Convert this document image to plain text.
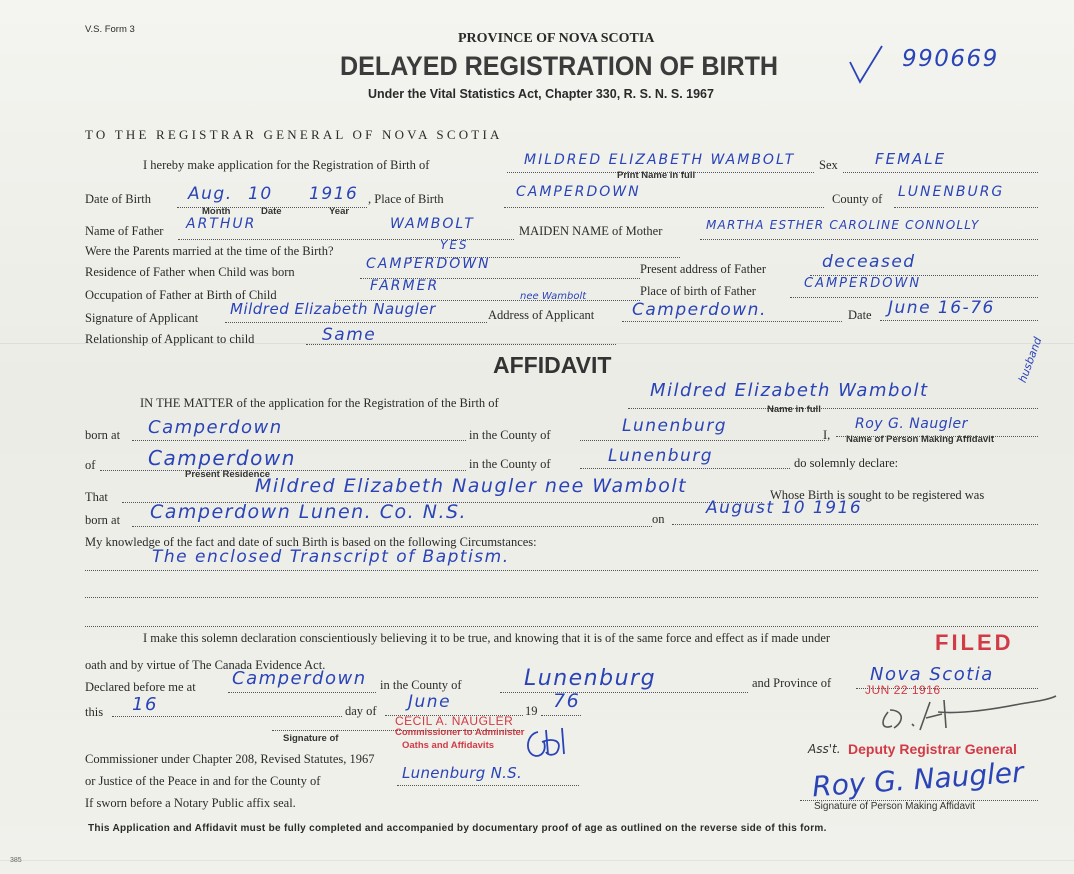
V.S. Form 3
PROVINCE OF NOVA SCOTIA
DELAYED REGISTRATION OF BIRTH
Under the Vital Statistics Act, Chapter 330, R. S. N. S. 1967
990669
TO THE REGISTRAR GENERAL OF NOVA SCOTIA
I hereby make application for the Registration of Birth of	MILDRED ELIZABETH WAMBOLT
Print Name in full
Sex FEMALE
Date of Birth Aug. 10 1916
Month	Date	Year
, Place of Birth	CAMPERDOWN	County of LUNENBURG
Name of Father ARTHUR	WAMBOLT	MAIDEN NAME of Mother	MARTHA ESTHER CAROLINE CONNOLLY
Were the Parents married at the time of the Birth?	YES
Residence of Father when Child was born	CAMPERDOWN	Present address of Father	deceased
Occupation of Father at Birth of Child
FARMER	Place of birth of Father	CAMPERDOWN
Signature of Applicant Mildred Elizabeth Naugler
nee Wambolt
Address of Applicant Camperdown.	Date June 16-76
Relationship of Applicant to child	Same
AFFIDAVIT
IN THE MATTER of the application for the Registration of the Birth of
Mildred Elizabeth Wambolt
Name in full
born at Camperdown	in the County of	Lunenburg	I,
Roy G. Naugler
husband
Name of Person Making Affidavit
of	Camperdown
Present Residence
in the County of	Lunenburg	do solemnly declare:
That	Mildred Elizabeth Naugler nee Wambolt	Whose Birth is sought to be registered was
born at Camperdown Lunen. Co. N.S.	on
August 10 1916
My knowledge of the fact and date of such Birth is based on the following Circumstances:
The enclosed Transcript of Baptism.
I make this solemn declaration conscientiously believing it to be true, and knowing that it is of the same force and effect as if made under
oath and by virtue of The Canada Evidence Act.
Declared before me at Camperdown in the County of	Lunenburg	and Province of Nova Scotia
this 16	day of June	19 76
CECIL A. NAUGLER
Commissioner to Administer
Oaths and Affidavits
Signature of
Commissioner under Chapter 208, Revised Statutes, 1967
or Justice of the Peace in and for the County of	Lunenburg N.S.
If sworn before a Notary Public affix seal.
FILED
JUN 22 1916
Deputy Registrar General
Ass't.
Roy G. Naugler
Signature of Person Making Affidavit
This Application and Affidavit must be fully completed and accompanied by documentary proof of age as outlined on the reverse side of this form.
385
